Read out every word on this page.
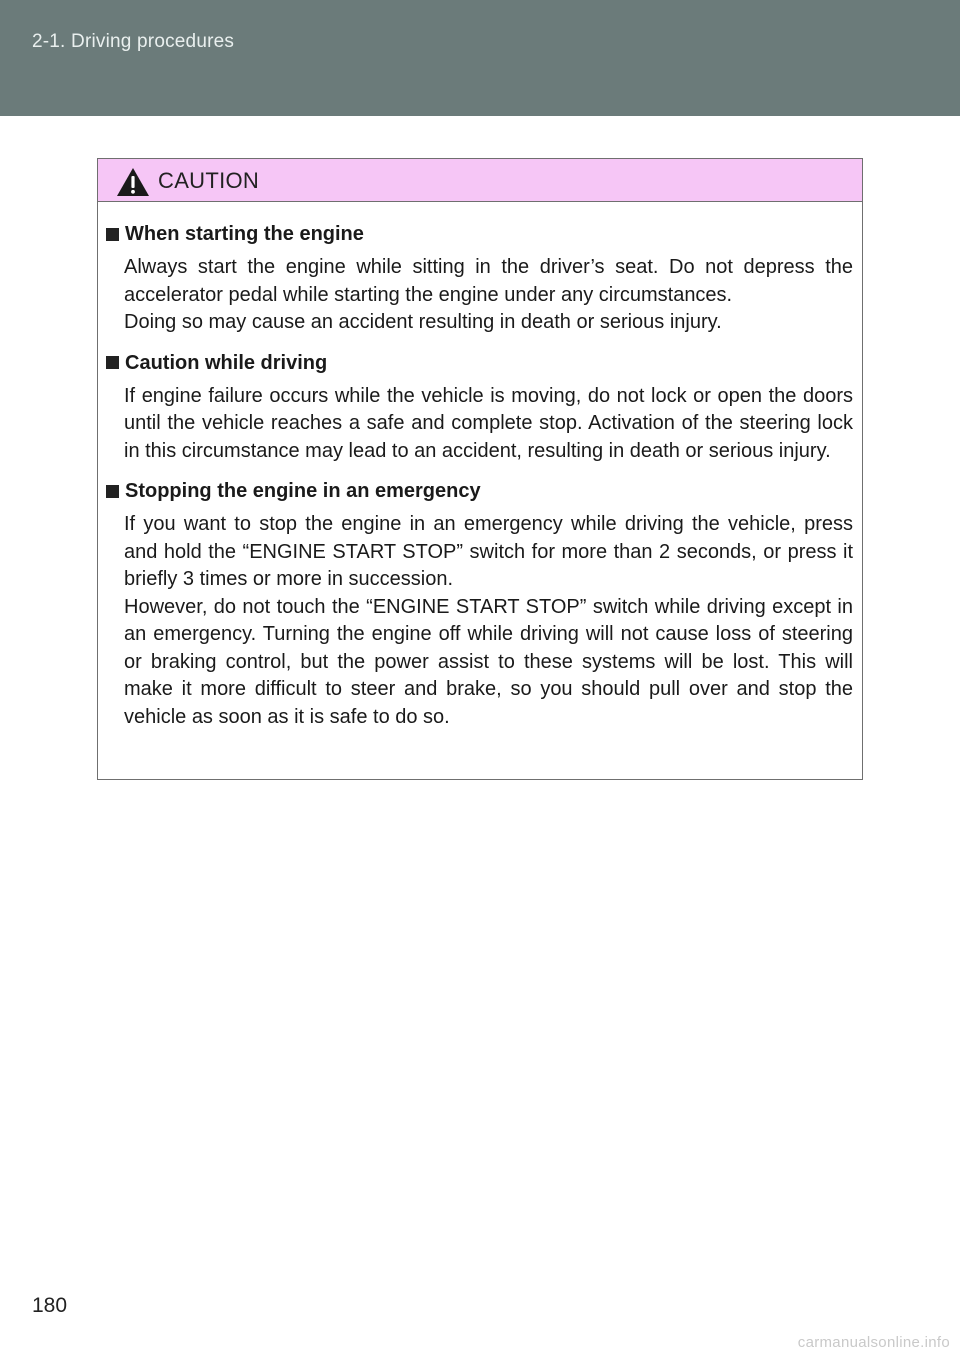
2-1. Driving procedures
CAUTION
When starting the engine

Always start the engine while sitting in the driver’s seat. Do not depress the accelerator pedal while starting the engine under any circumstances.

Doing so may cause an accident resulting in death or serious injury.

Caution while driving

If engine failure occurs while the vehicle is moving, do not lock or open the doors until the vehicle reaches a safe and complete stop. Activation of the steering lock in this circumstance may lead to an accident, resulting in death or serious injury.

Stopping the engine in an emergency

If you want to stop the engine in an emergency while driving the vehicle, press and hold the “ENGINE START STOP” switch for more than 2 seconds, or press it briefly 3 times or more in succession.

However, do not touch the “ENGINE START STOP” switch while driving except in an emergency. Turning the engine off while driving will not cause loss of steering or braking control, but the power assist to these systems will be lost. This will make it more difficult to steer and brake, so you should pull over and stop the vehicle as soon as it is safe to do so.

180
carmanualsonline.info
